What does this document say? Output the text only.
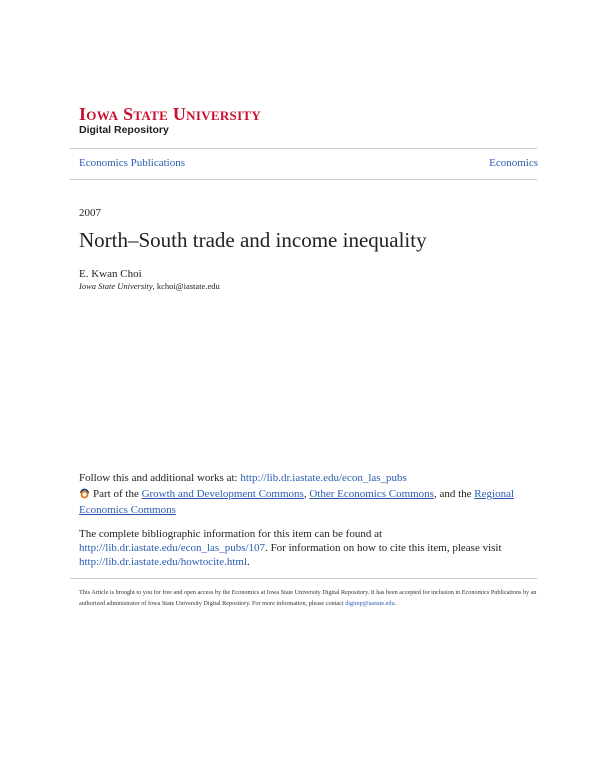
Iowa State University
Digital Repository
Economics Publications	Economics
2007
North–South trade and income inequality
E. Kwan Choi
Iowa State University, kchoi@iastate.edu
Follow this and additional works at: http://lib.dr.iastate.edu/econ_las_pubs
Part of the Growth and Development Commons, Other Economics Commons, and the Regional Economics Commons
The complete bibliographic information for this item can be found at http://lib.dr.iastate.edu/econ_las_pubs/107. For information on how to cite this item, please visit http://lib.dr.iastate.edu/howtocite.html.
This Article is brought to you for free and open access by the Economics at Iowa State University Digital Repository. It has been accepted for inclusion in Economics Publications by an authorized administrator of Iowa State University Digital Repository. For more information, please contact digirep@iastate.edu.
